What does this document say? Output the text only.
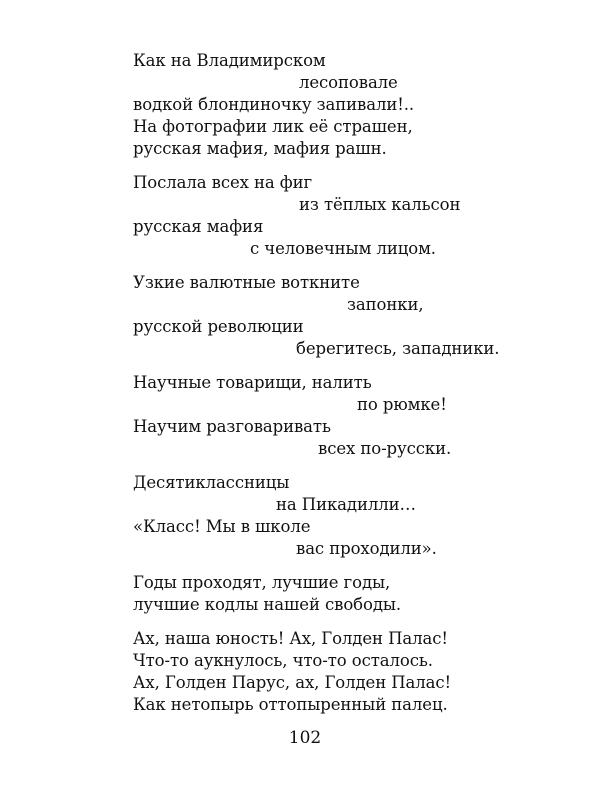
Как на Владимирском
лесоповале
водкой блондиночку запивали!..
На фотографии лик её страшен,
русская мафия, мафия рашн.
Послала всех на фиг
из тёплых кальсон
русская мафия
с человечным лицом.
Узкие валютные воткните
запонки,
русской революции
берегитесь, западники.
Научные товарищи, налить
по рюмке!
Научим разговаривать
всех по-русски.
Десятиклассницы
на Пикадилли…
«Класс! Мы в школе
вас проходили».
Годы проходят, лучшие годы,
лучшие кодлы нашей свободы.
Ах, наша юность! Ах, Голден Палас!
Что-то аукнулось, что-то осталось.
Ах, Голден Парус, ах, Голден Палас!
Как нетопырь оттопыренный палец.
102
